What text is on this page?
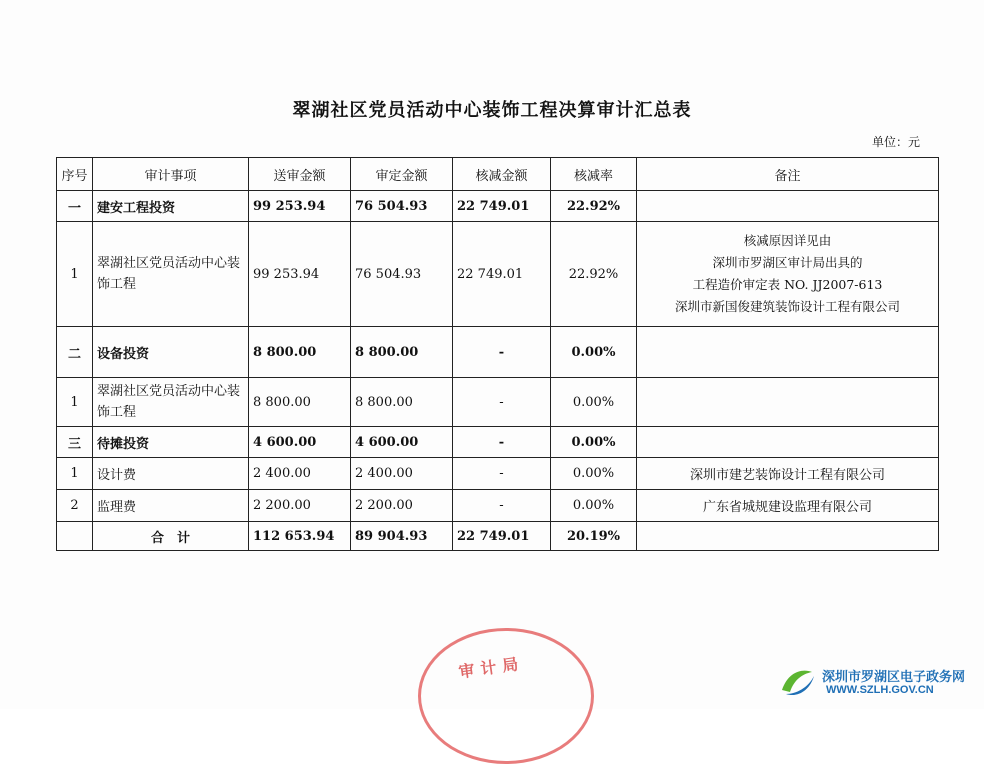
翠湖社区党员活动中心装饰工程决算审计汇总表
单位：元
序号	审计事项	送审金额	审定金额	核减金额	核减率	备注
一	建安工程投资	99 253.94	76 504.93	22 749.01	22.92%	
1	翠湖社区党员活动中心装饰工程	99 253.94	76 504.93	22 749.01	22.92%	核减原因详见由
深圳市罗湖区审计局出具的
工程造价审定表 NO. JJ2007-613
深圳市新国俊建筑装饰设计工程有限公司

二	设备投资	8 800.00	8 800.00	-	0.00%	
1	翠湖社区党员活动中心装饰工程	8 800.00	8 800.00	-	0.00%	
三	待摊投资	4 600.00	4 600.00	-	0.00%	
1	设计费	2 400.00	2 400.00	-	0.00%	深圳市建艺装饰设计工程有限公司
2	监理费	2 200.00	2 200.00	-	0.00%	广东省城规建设监理有限公司
	合　计	112 653.94	89 904.93	22 749.01	20.19%	
审计局	深圳市罗湖区电子政务网
WWW.SZLH.GOV.CN
